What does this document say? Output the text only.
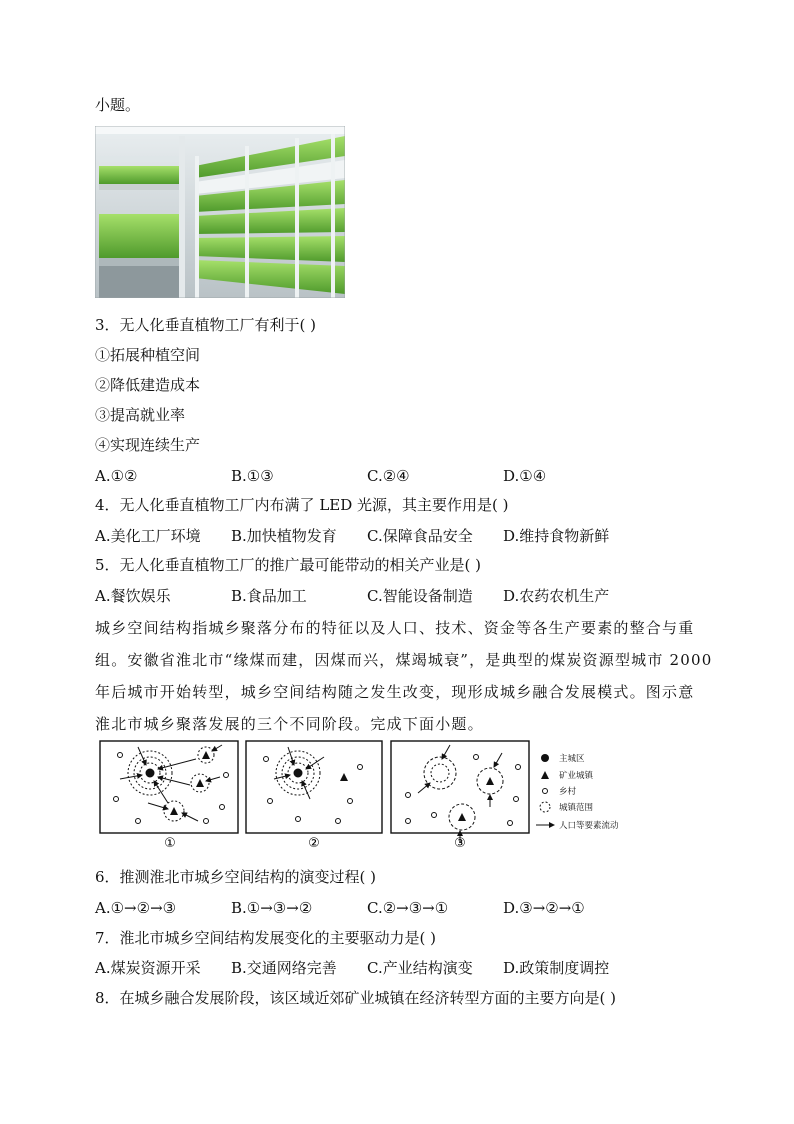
小题。
3．无人化垂直植物工厂有利于( )
①拓展种植空间
②降低建造成本
③提高就业率
④实现连续生产
A.①②	B.①③	C.②④	D.①④
4．无人化垂直植物工厂内布满了 LED 光源，其主要作用是( )
A.美化工厂环境 B.加快植物发育 C.保障食品安全 D.维持食物新鲜
5．无人化垂直植物工厂的推广最可能带动的相关产业是( )
A.餐饮娱乐	B.食品加工	C.智能设备制造 D.农药农机生产
城乡空间结构指城乡聚落分布的特征以及人口、技术、资金等各生产要素的整合与重
组。安徽省淮北市“缘煤而建，因煤而兴，煤竭城衰”，是典型的煤炭资源型城市 2000
年后城市开始转型，城乡空间结构随之发生改变，现形成城乡融合发展模式。图示意
淮北市城乡聚落发展的三个不同阶段。完成下面小题。
①	②	③
主城区
矿业城镇
乡村
城镇范围
人口等要素流动
6．推测淮北市城乡空间结构的演变过程( )
A.①→②→③	B.①→③→②	C.②→③→①	D.③→②→①
7．淮北市城乡空间结构发展变化的主要驱动力是( )
A.煤炭资源开采 B.交通网络完善 C.产业结构演变 D.政策制度调控
8．在城乡融合发展阶段，该区域近郊矿业城镇在经济转型方面的主要方向是( )
